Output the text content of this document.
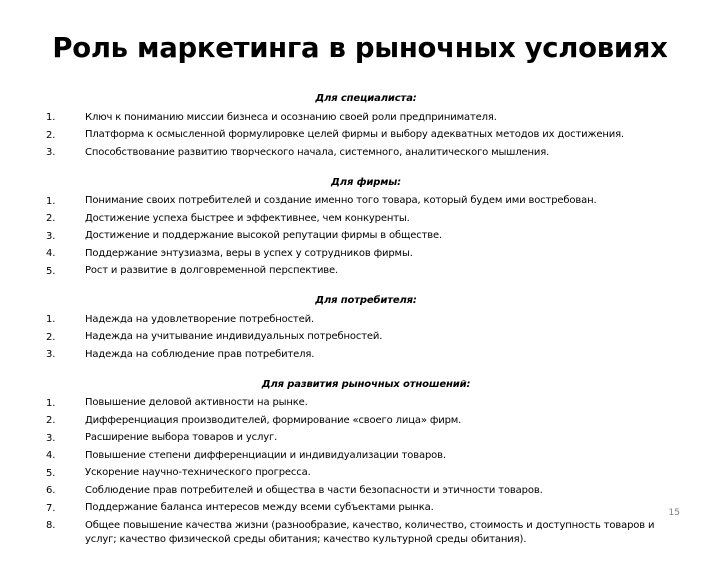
Роль маркетинга в рыночных условиях
Для специалиста:
1.	Ключ к пониманию миссии бизнеса и осознанию своей роли предпринимателя.
2.	Платформа к осмысленной формулировке целей фирмы и выбору адекватных методов их достижения.
3.	Способствование развитию творческого начала, системного, аналитического мышления.
Для фирмы:
1.	Понимание своих потребителей и создание именно того товара, который будем ими востребован.
2.	Достижение успеха быстрее и эффективнее, чем конкуренты.
3.	Достижение и поддержание высокой репутации фирмы в обществе.
4.	Поддержание энтузиазма, веры в успех у сотрудников фирмы.
5.	Рост и развитие в долговременной перспективе.
Для потребителя:
1.	Надежда на удовлетворение потребностей.
2.	Надежда на учитывание индивидуальных потребностей.
3.	Надежда на соблюдение прав потребителя.
Для развития рыночных отношений:
1.	Повышение деловой активности на рынке.
2.	Дифференциация производителей, формирование «своего лица» фирм.
3.	Расширение выбора товаров и услуг.
4.	Повышение степени дифференциации и индивидуализации товаров.
5.	Ускорение научно-технического прогресса.
6.	Соблюдение прав потребителей и общества в части безопасности и этичности товаров.
7.	Поддержание баланса интересов между всеми субъектами рынка.
8.	Общее повышение качества жизни (разнообразие, качество, количество, стоимость и доступность товаров и услуг; качество физической среды обитания; качество культурной среды обитания).
15
